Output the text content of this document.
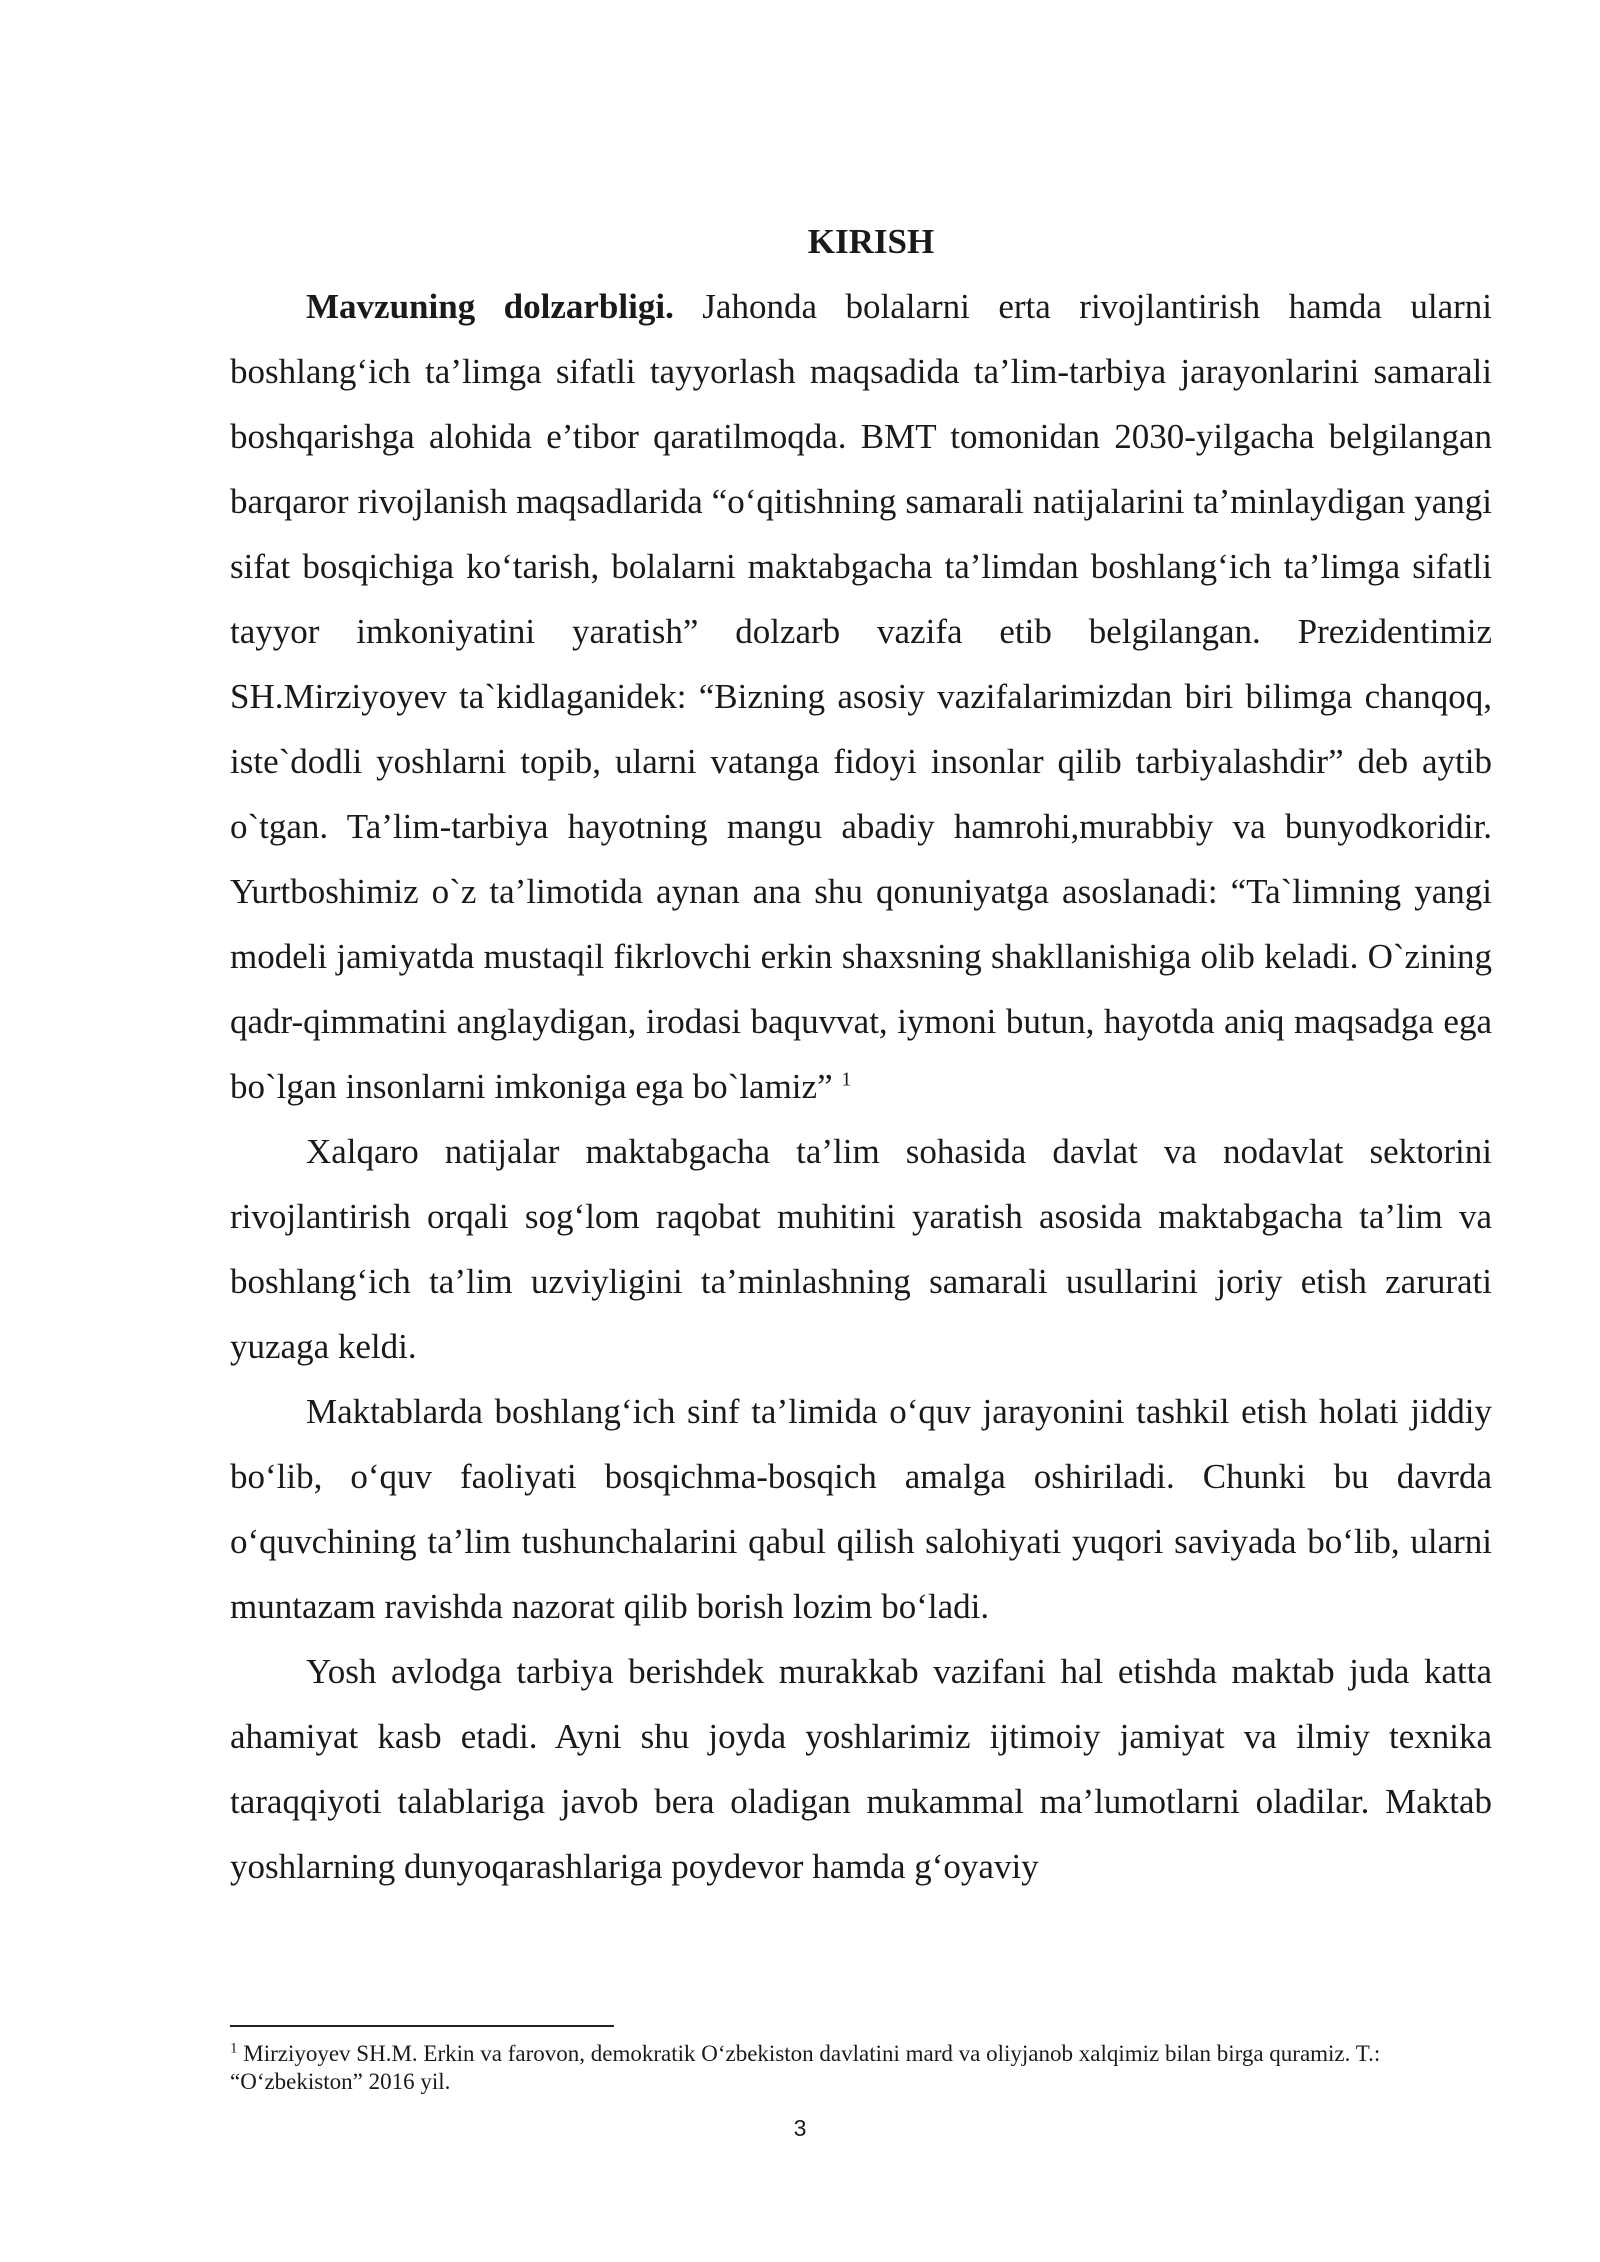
KIRISH

Mavzuning dolzarbligi. Jahonda bolalarni erta rivojlantirish hamda ularni boshlang‘ich ta’limga sifatli tayyorlash maqsadida ta’lim-tarbiya jarayonlarini samarali boshqarishga alohida e’tibor qaratilmoqda. BMT tomonidan 2030-yilgacha belgilangan barqaror rivojlanish maqsadlarida “o‘qitishning samarali natijalarini ta’minlaydigan yangi sifat bosqichiga ko‘tarish, bolalarni maktabgacha ta’limdan boshlang‘ich ta’limga sifatli tayyor imkoniyatini yaratish” dolzarb vazifa etib belgilangan. Prezidentimiz SH.Mirziyoyev ta`kidlaganidek: “Bizning asosiy vazifalarimizdan biri bilimga chanqoq, iste`dodli yoshlarni topib, ularni vatanga fidoyi insonlar qilib tarbiyalashdir” deb aytib o`tgan. Ta’lim-tarbiya hayotning mangu abadiy hamrohi,murabbiy va bunyodkoridir. Yurtboshimiz o`z ta’limotida aynan ana shu qonuniyatga asoslanadi: “Ta`limning yangi modeli jamiyatda mustaqil fikrlovchi erkin shaxsning shakllanishiga olib keladi. O`zining qadr-qimmatini anglaydigan, irodasi baquvvat, iymoni butun, hayotda aniq maqsadga ega bo`lgan insonlarni imkoniga ega bo`lamiz” $^1$

Xalqaro natijalar maktabgacha ta’lim sohasida davlat va nodavlat sektorini rivojlantirish orqali sog‘lom raqobat muhitini yaratish asosida maktabgacha ta’lim va boshlang‘ich ta’lim uzviyligini ta’minlashning samarali usullarini joriy etish zarurati yuzaga keldi.

Maktablarda boshlang‘ich sinf ta’limida o‘quv jarayonini tashkil etish holati jiddiy bo‘lib, o‘quv faoliyati bosqichma-bosqich amalga oshiriladi. Chunki bu davrda o‘quvchining ta’lim tushunchalarini qabul qilish salohiyati yuqori saviyada bo‘lib, ularni muntazam ravishda nazorat qilib borish lozim bo‘ladi.

Yosh avlodga tarbiya berishdek murakkab vazifani hal etishda maktab juda katta ahamiyat kasb etadi. Ayni shu joyda yoshlarimiz ijtimoiy jamiyat va ilmiy texnika taraqqiyoti talablariga javob bera oladigan mukammal ma’lumotlarni oladilar. Maktab yoshlarning dunyoqarashlariga poydevor hamda g‘oyaviy

$^1$ Mirziyoyev SH.M. Erkin va farovon, demokratik O‘zbekiston davlatini mard va oliyjanob xalqimiz bilan birga quramiz. T.: “O‘zbekiston” 2016 yil.

3
